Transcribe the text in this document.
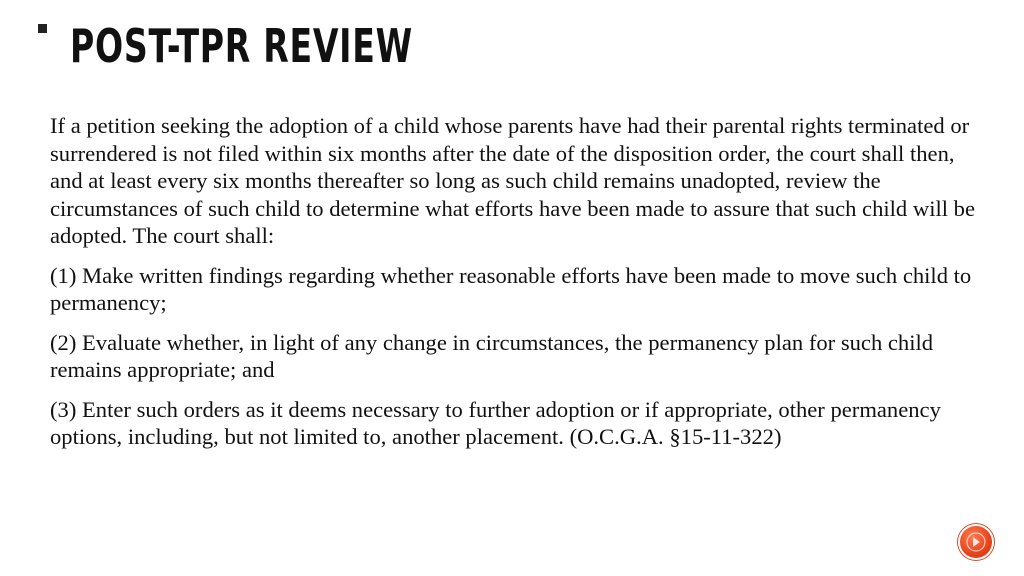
POST-TPR REVIEW

If a petition seeking the adoption of a child whose parents have had their parental rights terminated or surrendered is not filed within six months after the date of the disposition order, the court shall then, and at least every six months thereafter so long as such child remains unadopted, review the circumstances of such child to determine what efforts have been made to assure that such child will be adopted. The court shall:

(1) Make written findings regarding whether reasonable efforts have been made to move such child to permanency;

(2) Evaluate whether, in light of any change in circumstances, the permanency plan for such child remains appropriate; and

(3) Enter such orders as it deems necessary to further adoption or if appropriate, other permanency options, including, but not limited to, another placement. (O.C.G.A. §15-11-322)
